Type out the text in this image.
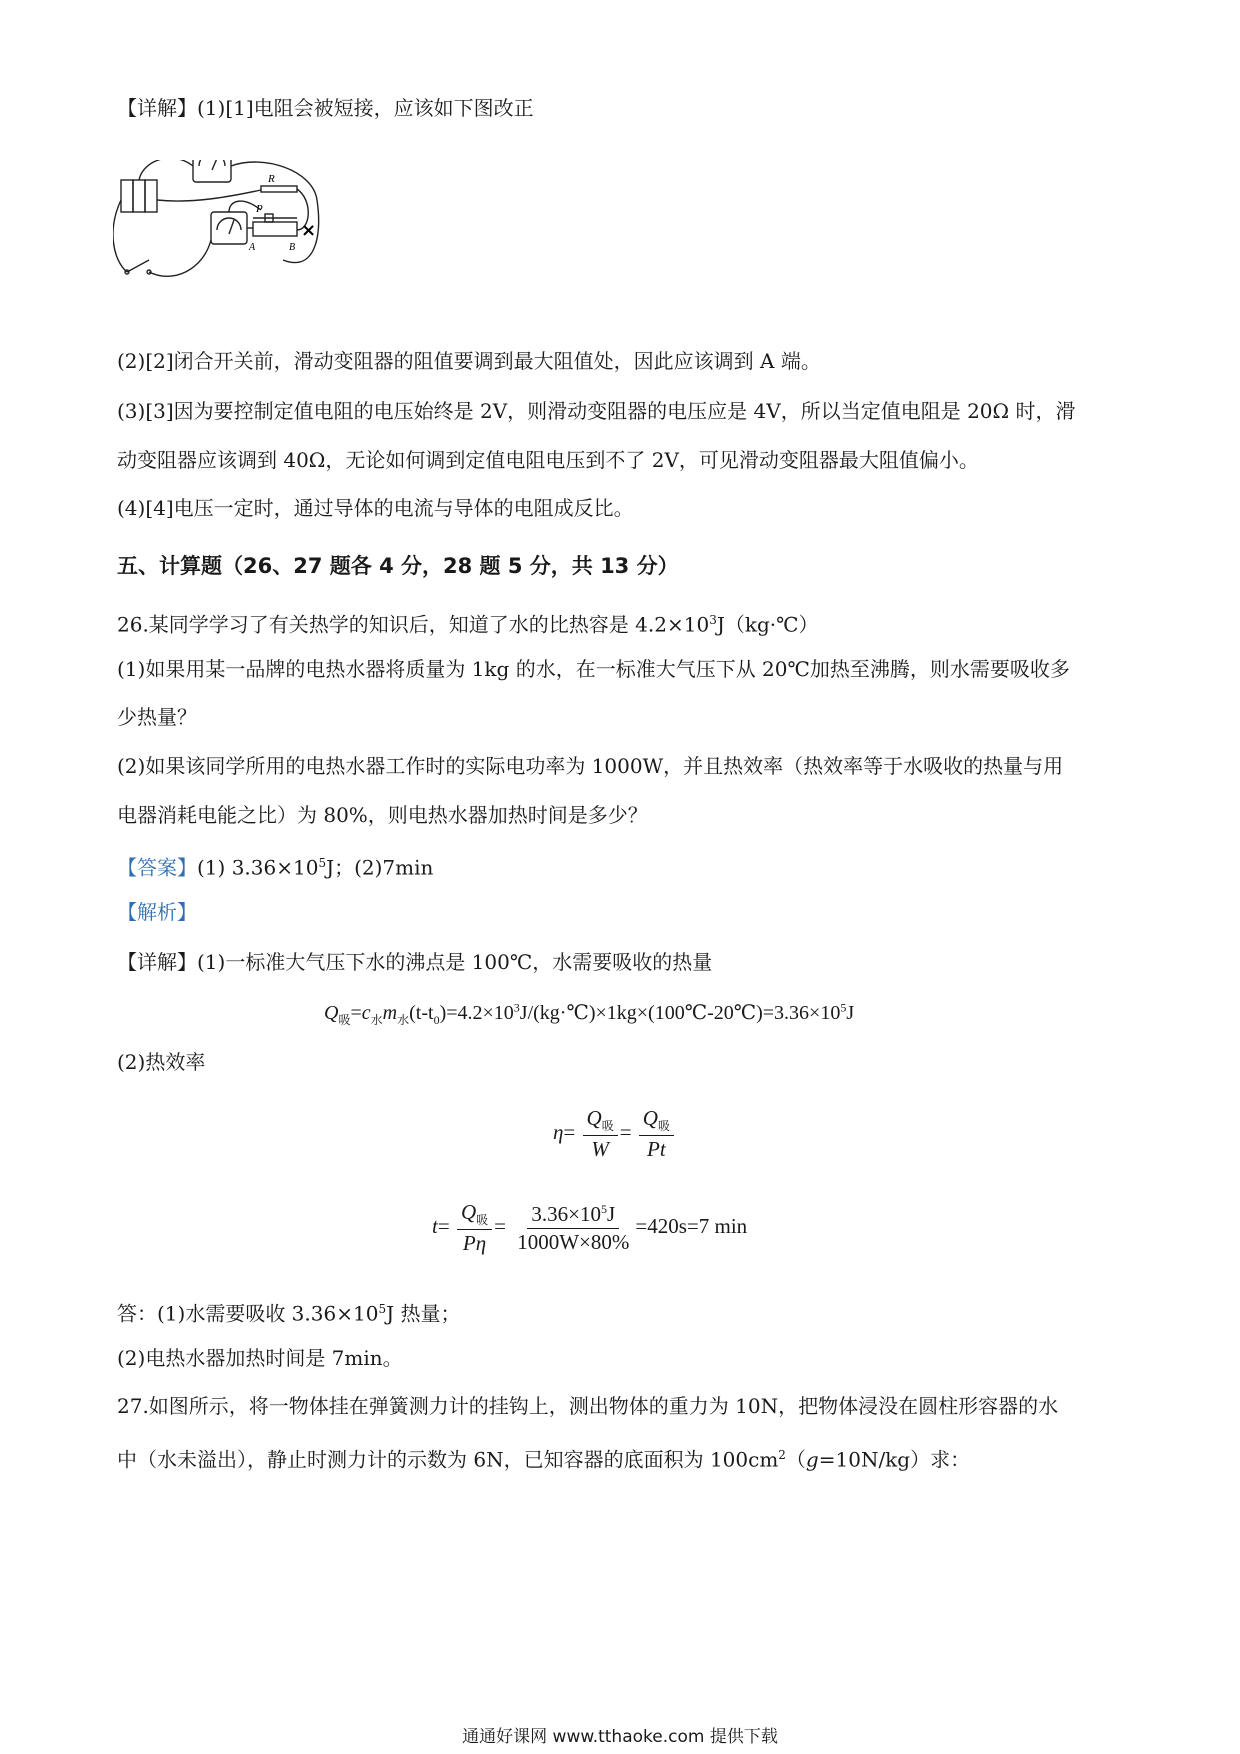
【详解】(1)[1]电阻会被短接，应该如下图改正
R
P
A	B
×
(2)[2]闭合开关前，滑动变阻器的阻值要调到最大阻值处，因此应该调到 A 端。
(3)[3]因为要控制定值电阻的电压始终是 2V，则滑动变阻器的电压应是 4V，所以当定值电阻是 20Ω 时，滑
动变阻器应该调到 40Ω，无论如何调到定值电阻电压到不了 2V，可见滑动变阻器最大阻值偏小。
(4)[4]电压一定时，通过导体的电流与导体的电阻成反比。
五、计算题（26、27 题各 4 分，28 题 5 分，共 13 分）
26.某同学学习了有关热学的知识后，知道了水的比热容是 $4.2\times 10^3J(kg\cdot℃)$
(1)如果用某一品牌的电热水器将质量为 1kg 的水，在一标准大气压下从 20℃加热至沸腾，则水需要吸收多
少热量？
(2)如果该同学所用的电热水器工作时的实际电功率为 1000W，并且热效率（热效率等于水吸收的热量与用
电器消耗电能之比）为 80%，则电热水器加热时间是多少？
【答案】(1) $3.36\times 10^5J$；(2)7min
【解析】
【详解】(1)一标准大气压下水的沸点是 100℃，水需要吸收的热量
$Q_吸=c_水m_水(t-t_0)=4.2\times 10^3J/(kg\cdot℃)\times 1kg\times(100℃-20℃)=3.36\times 10^5J$
(2)热效率
$\eta= \frac{Q_吸}{W} = \frac{Q_吸}{Pt}$
$t= \frac{Q_吸}{P\eta} = \frac{3.36\times 10^5J}{1000W\times 80\%} =420s=7$ min
答：(1)水需要吸收 $3.36\times 10^5J$ 热量；
(2)电热水器加热时间是 7min。
27.如图所示，将一物体挂在弹簧测力计的挂钩上，测出物体的重力为 10N，把物体浸没在圆柱形容器的水
中（水未溢出），静止时测力计的示数为 6N，已知容器的底面积为 $100cm^2(g=10N/kg)$求：
通通好课网 www.tthaoke.com 提供下载
